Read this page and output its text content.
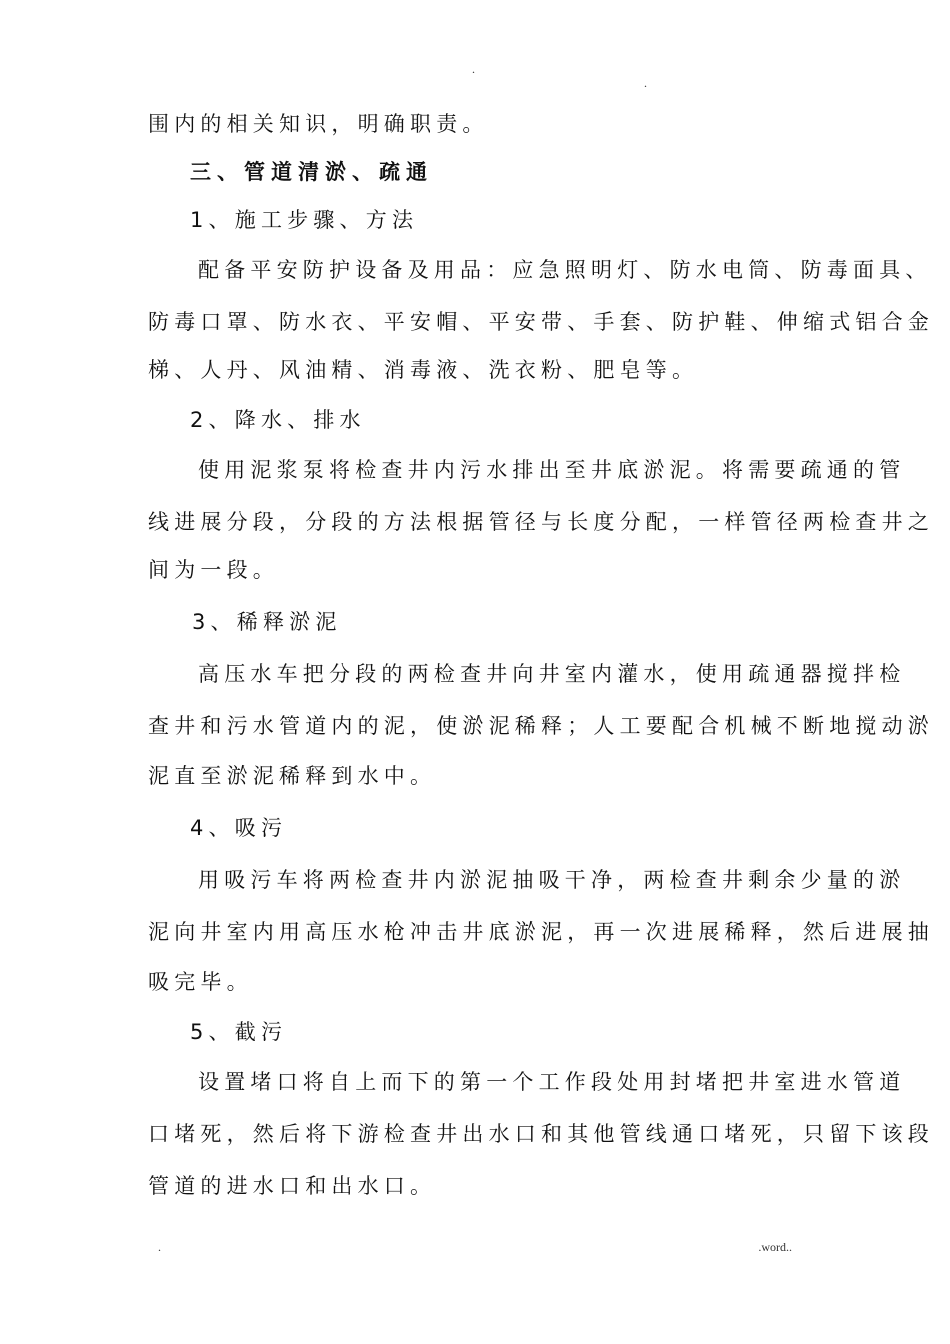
.
.
围内的相关知识，明确职责。
三、管道清淤、疏通
1、施工步骤、方法
配备平安防护设备及用品：应急照明灯、防水电筒、防毒面具、
防毒口罩、防水衣、平安帽、平安带、手套、防护鞋、伸缩式铝合金
梯、人丹、风油精、消毒液、洗衣粉、肥皂等。
2、降水、排水
使用泥浆泵将检查井内污水排出至井底淤泥。将需要疏通的管
线进展分段，分段的方法根据管径与长度分配，一样管径两检查井之
间为一段。
3、稀释淤泥
高压水车把分段的两检查井向井室内灌水，使用疏通器搅拌检
查井和污水管道内的泥，使淤泥稀释；人工要配合机械不断地搅动淤
泥直至淤泥稀释到水中。
4、吸污
用吸污车将两检查井内淤泥抽吸干净，两检查井剩余少量的淤
泥向井室内用高压水枪冲击井底淤泥，再一次进展稀释，然后进展抽
吸完毕。
5、截污
设置堵口将自上而下的第一个工作段处用封堵把井室进水管道
口堵死，然后将下游检查井出水口和其他管线通口堵死，只留下该段
管道的进水口和出水口。
.	.word..
